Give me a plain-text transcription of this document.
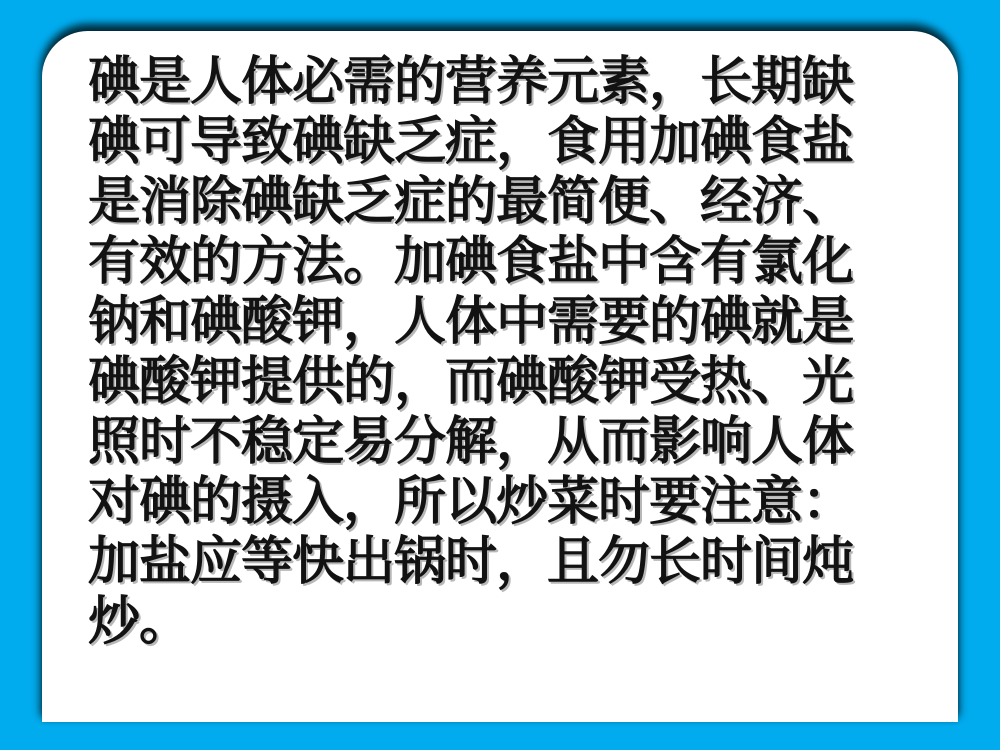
碘是人体必需的营养元素，长期缺
碘可导致碘缺乏症，食用加碘食盐
是消除碘缺乏症的最简便、经济、
有效的方法。加碘食盐中含有氯化
钠和碘酸钾，人体中需要的碘就是
碘酸钾提供的，而碘酸钾受热、光
照时不稳定易分解，从而影响人体
对碘的摄入，所以炒菜时要注意：
加盐应等快出锅时，且勿长时间炖
炒。
